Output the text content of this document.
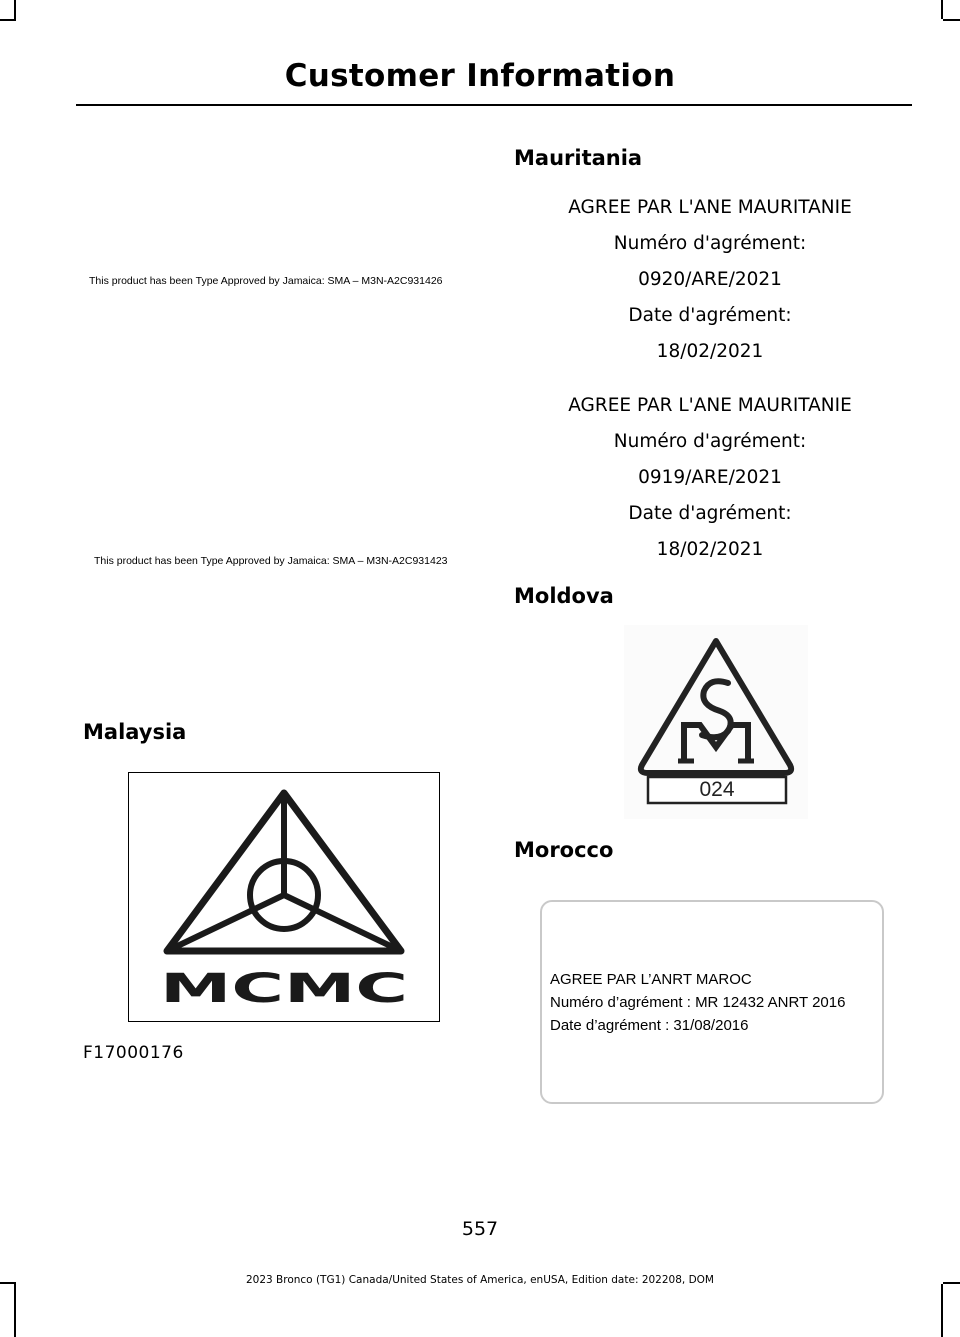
Customer Information
This product has been Type Approved by Jamaica: SMA – M3N-A2C931426
This product has been Type Approved by Jamaica: SMA – M3N-A2C931423
Malaysia
MCMC
F17000176
Mauritania
AGREE PAR L'ANE MAURITANIE
Numéro d'agrément:
0920/ARE/2021
Date d'agrément:
18/02/2021
AGREE PAR L'ANE MAURITANIE
Numéro d'agrément:
0919/ARE/2021
Date d'agrément:
18/02/2021
Moldova
024
Morocco
AGREE PAR L’ANRT MAROC
Numéro d’agrément : MR 12432 ANRT 2016
Date d’agrément : 31/08/2016
557
2023 Bronco (TG1) Canada/United States of America, enUSA, Edition date: 202208, DOM
